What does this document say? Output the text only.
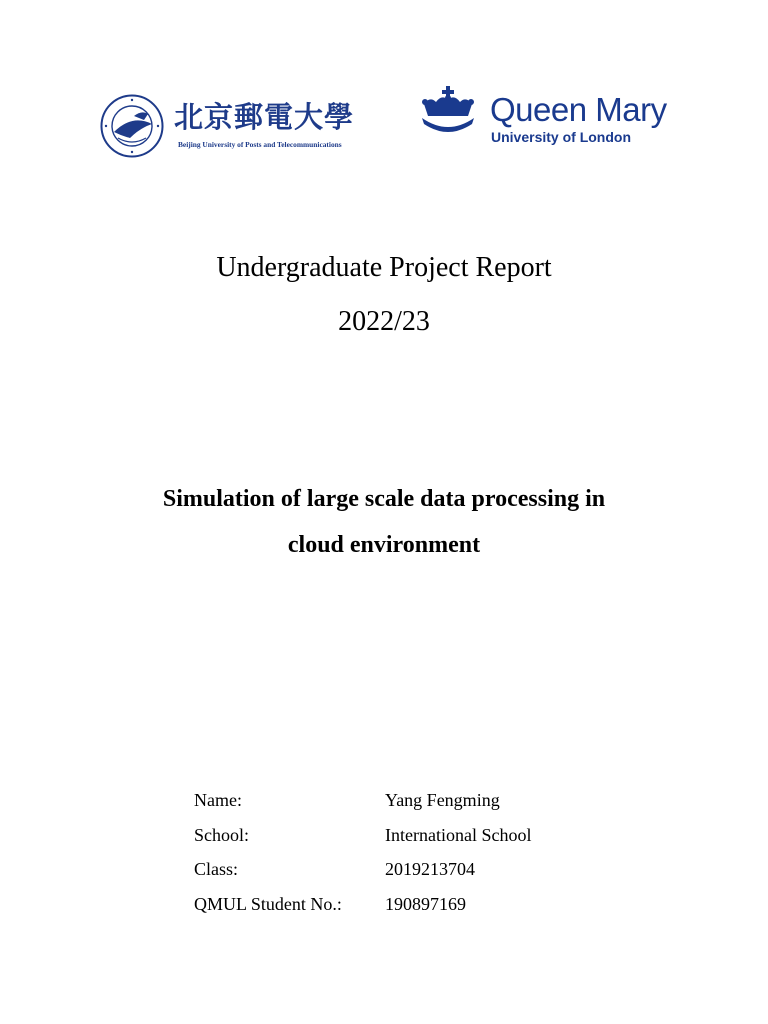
北京郵電大學
Beijing University of Posts and Telecommunications
Queen Mary
University of London
Undergraduate Project Report
2022/23
Simulation of large scale data processing in
cloud environment
Name:	Yang Fengming
School:	International School
Class:	2019213704
QMUL Student No.: 190897169
